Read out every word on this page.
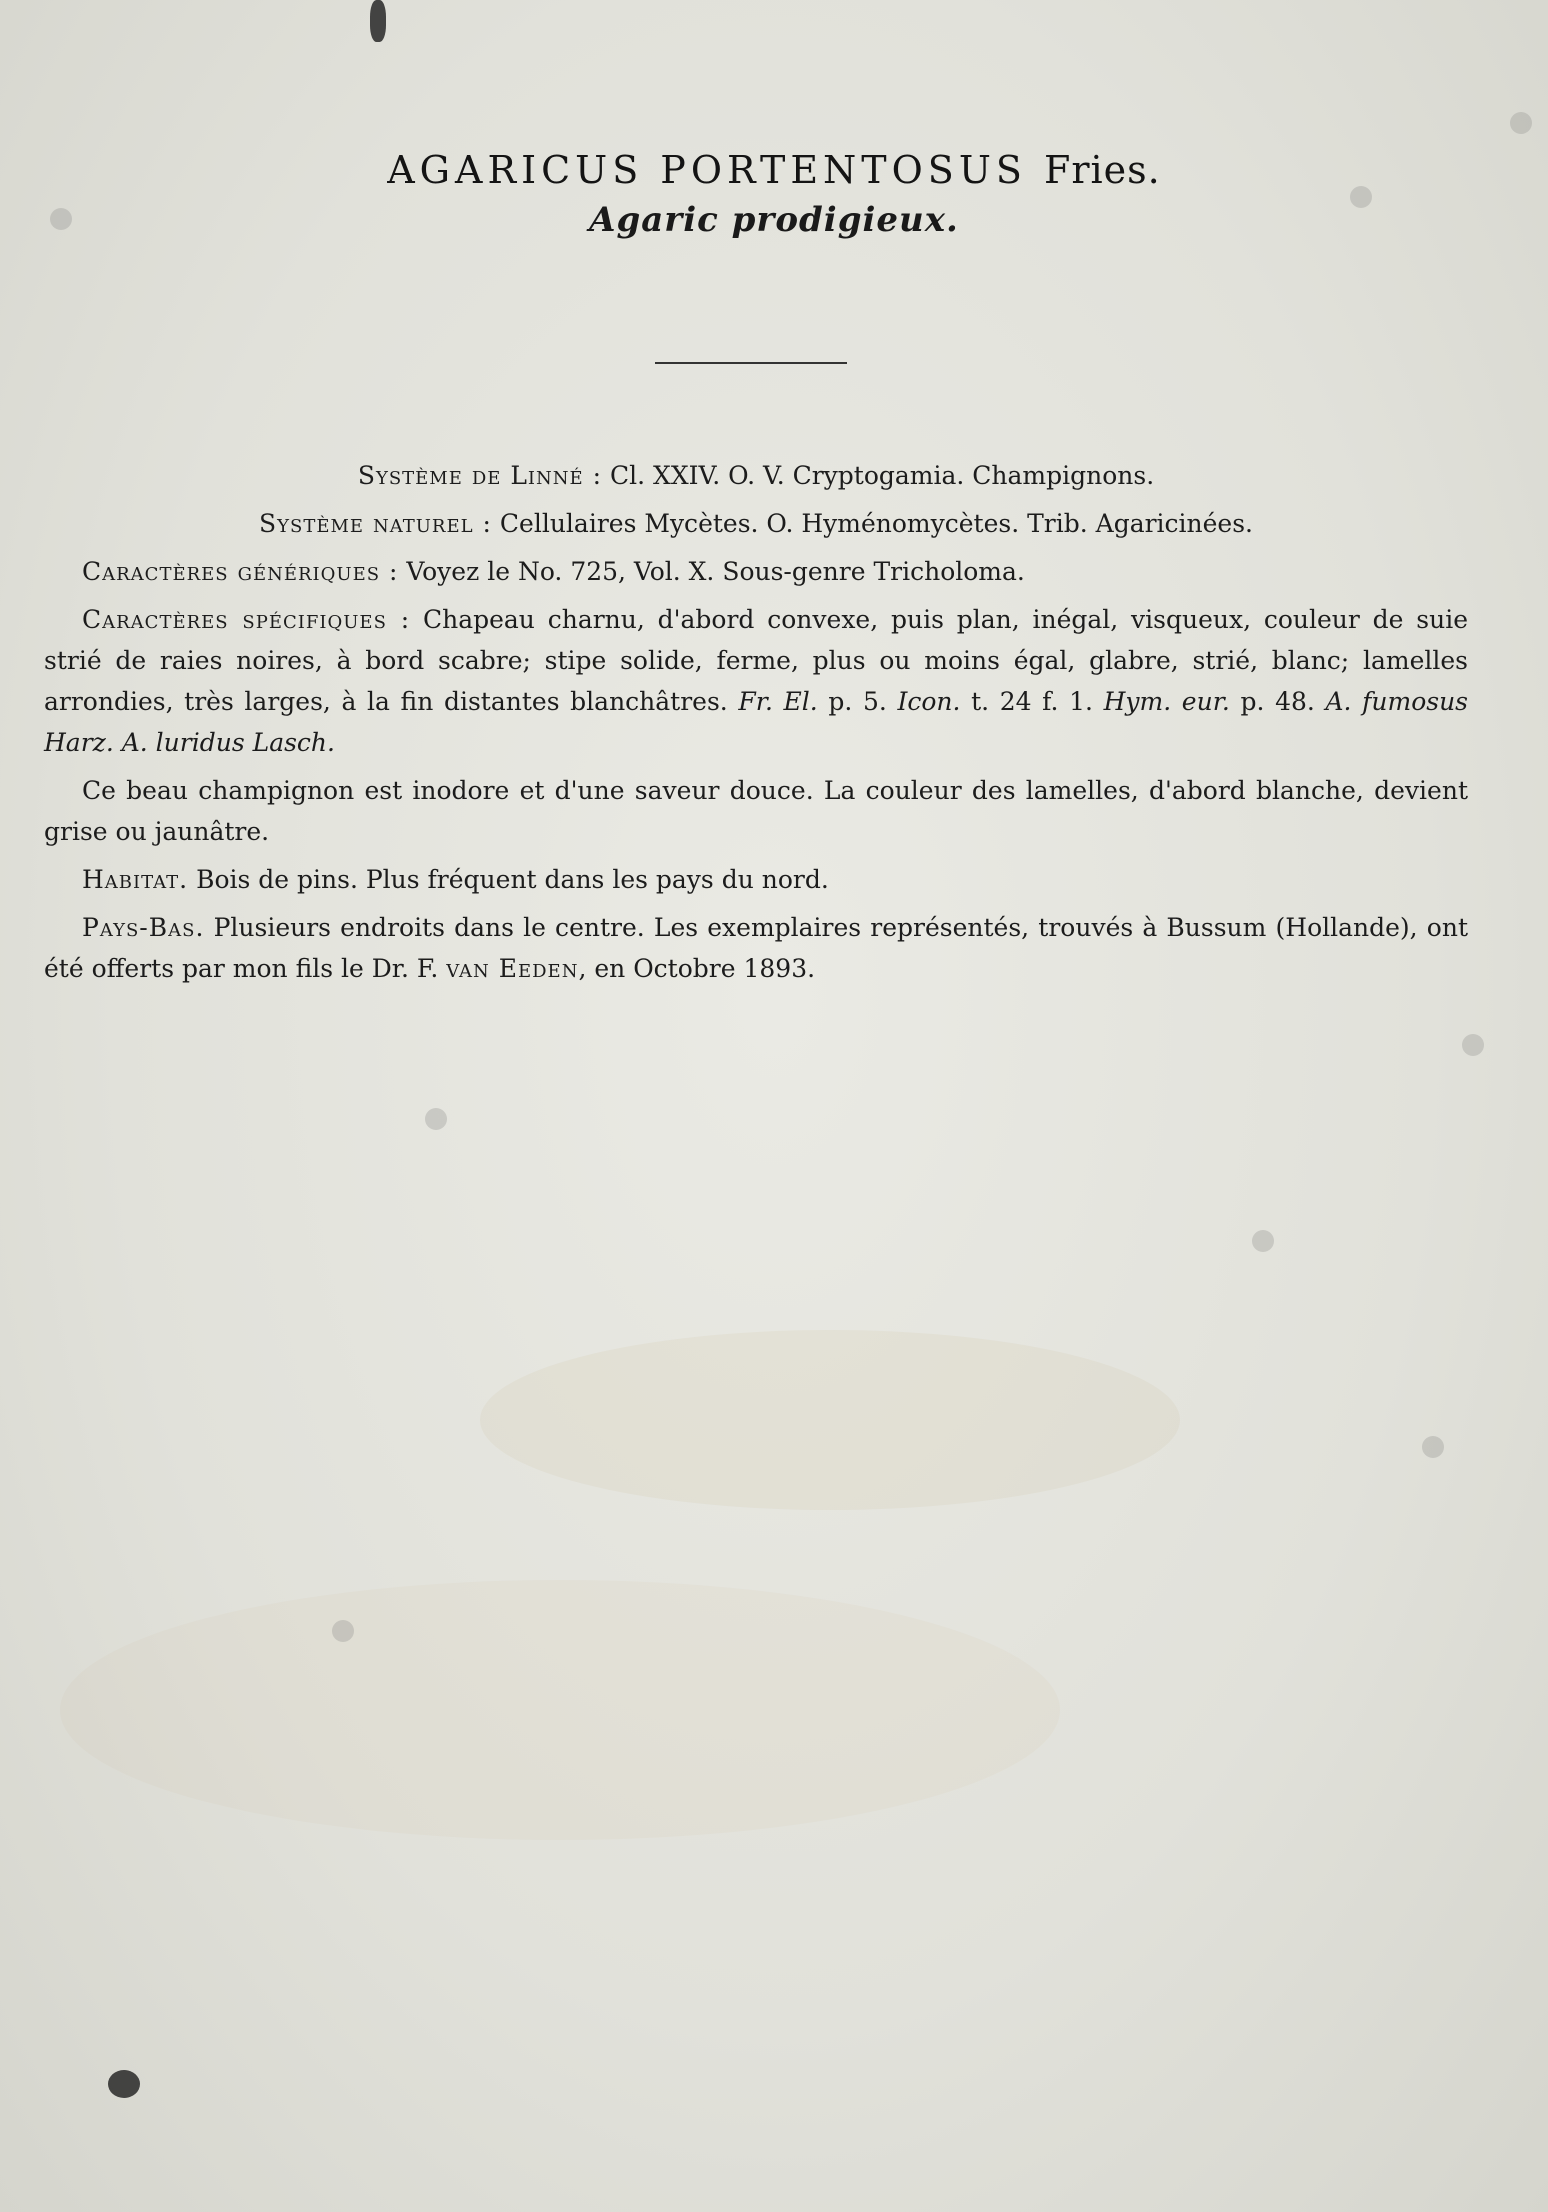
AGARICUS PORTENTOSUS Fries.
Agaric prodigieux.

Système de Linné : Cl. XXIV. O. V. Cryptogamia. Champignons.

Système naturel : Cellulaires Mycètes. O. Hyménomycètes. Trib. Agaricinées.

Caractères génériques : Voyez le No. 725, Vol. X. Sous-genre Tricholoma.

Caractères spécifiques : Chapeau charnu, d'abord convexe, puis plan, inégal, visqueux, couleur de suie strié de raies noires, à bord scabre; stipe solide, ferme, plus ou moins égal, glabre, strié, blanc; lamelles arrondies, très larges, à la fin distantes blanchâtres. Fr. El. p. 5. Icon. t. 24 f. 1. Hym. eur. p. 48. A. fumosus Harz. A. luridus Lasch.

Ce beau champignon est inodore et d'une saveur douce. La couleur des lamelles, d'abord blanche, devient grise ou jaunâtre.

Habitat. Bois de pins. Plus fréquent dans les pays du nord.

Pays-Bas. Plusieurs endroits dans le centre. Les exemplaires représentés, trouvés à Bussum (Hollande), ont été offerts par mon fils le Dr. F. van Eeden, en Octobre 1893.
